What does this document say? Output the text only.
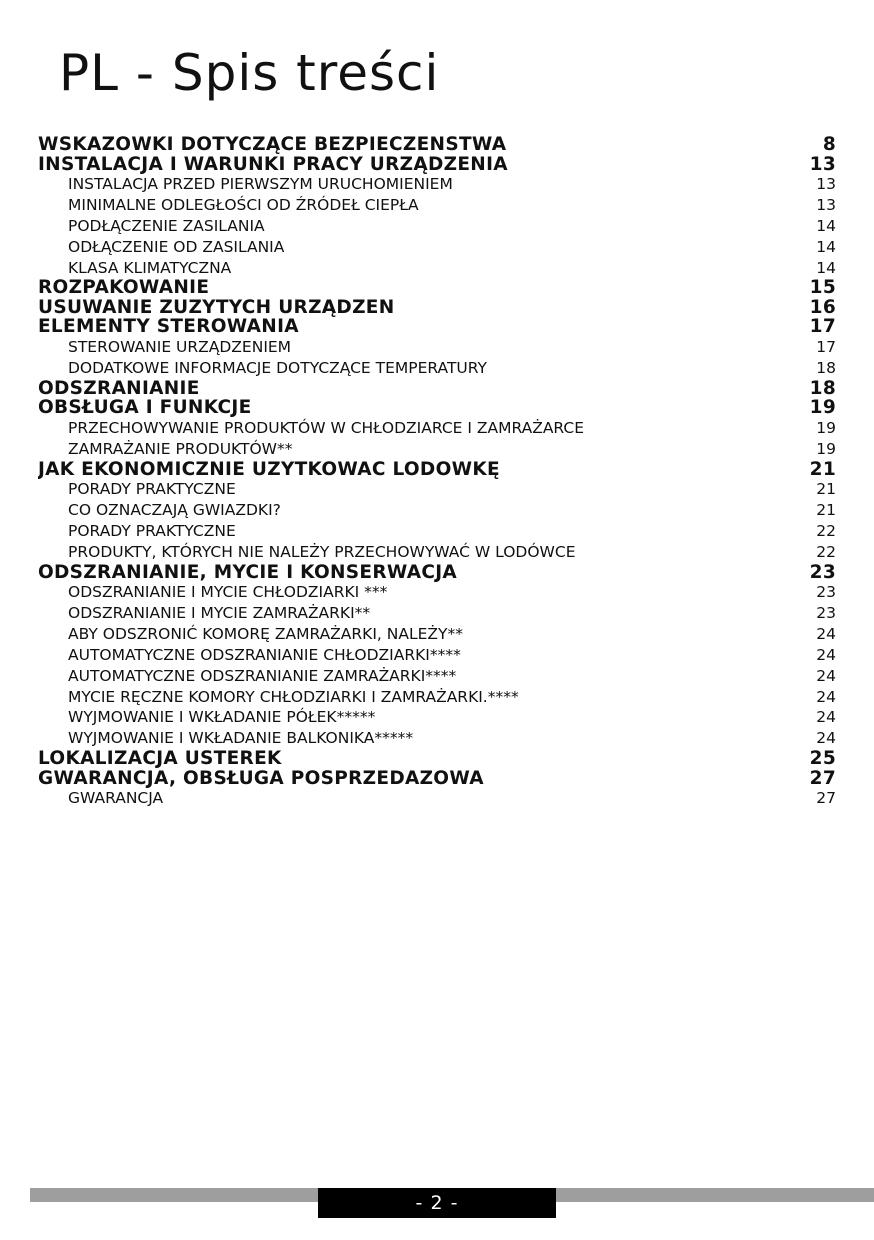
PL - Spis treści
WSKAZÓWKI DOTYCZĄCE BEZPIECZEŃSTWA	8
INSTALACJA I WARUNKI PRACY URZĄDZENIA	13
INSTALACJA PRZED PIERWSZYM URUCHOMIENIEM	13
MINIMALNE ODLEGŁOŚCI OD ŹRÓDEŁ CIEPŁA	13
PODŁĄCZENIE ZASILANIA	14
ODŁĄCZENIE OD ZASILANIA	14
KLASA KLIMATYCZNA	14
ROZPAKOWANIE	15
USUWANIE ZUŻYTYCH URZĄDZEŃ	16
ELEMENTY STEROWANIA	17
STEROWANIE URZĄDZENIEM	17
DODATKOWE INFORMACJE DOTYCZĄCE TEMPERATURY	18
ODSZRANIANIE	18
OBSŁUGA I FUNKCJE	19
PRZECHOWYWANIE PRODUKTÓW W CHŁODZIARCE I ZAMRAŻARCE	19
ZAMRAŻANIE PRODUKTÓW**	19
JAK EKONOMICZNIE UŻYTKOWAĆ LODÓWKĘ	21
PORADY PRAKTYCZNE	21
CO OZNACZAJĄ GWIAZDKI?	21
PORADY PRAKTYCZNE	22
PRODUKTY, KTÓRYCH NIE NALEŻY PRZECHOWYWAĆ W LODÓWCE	22
ODSZRANIANIE, MYCIE I KONSERWACJA	23
ODSZRANIANIE I MYCIE CHŁODZIARKI ***	23
ODSZRANIANIE I MYCIE ZAMRAŻARKI**	23
ABY ODSZRONIĆ KOMORĘ ZAMRAŻARKI, NALEŻY**	24
AUTOMATYCZNE ODSZRANIANIE CHŁODZIARKI****	24
AUTOMATYCZNE ODSZRANIANIE ZAMRAŻARKI****	24
MYCIE RĘCZNE KOMORY CHŁODZIARKI I ZAMRAŻARKI.****	24
WYJMOWANIE I WKŁADANIE PÓŁEK*****	24
WYJMOWANIE I WKŁADANIE BALKONIKA*****	24
LOKALIZACJA USTEREK	25
GWARANCJA, OBSŁUGA POSPRZEDAŻOWA	27
GWARANCJA	27
- 2 -
